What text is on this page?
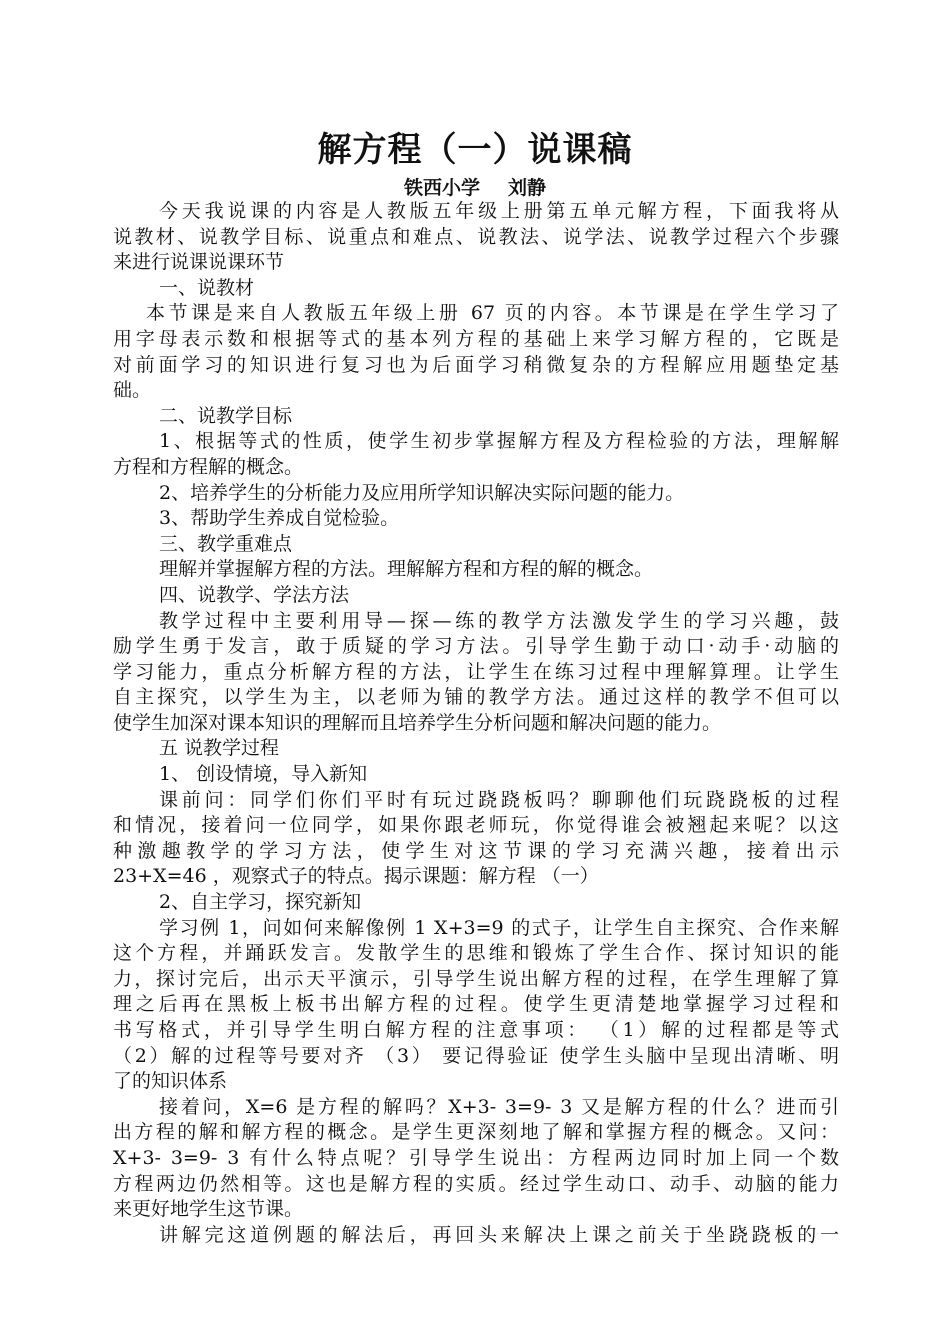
解方程（一）说课稿
铁西小学 刘静
今天我说课的内容是人教版五年级上册第五单元解方程，下面我将从
说教材、说教学目标、说重点和难点、说教法、说学法、说教学过程六个步骤
来进行说课说课环节
一、说教材
本节课是来自人教版五年级上册 67 页的内容。本节课是在学生学习了
用字母表示数和根据等式的基本列方程的基础上来学习解方程的，它既是
对前面学习的知识进行复习也为后面学习稍微复杂的方程解应用题垫定基
础。
二、说教学目标
1、根据等式的性质，使学生初步掌握解方程及方程检验的方法，理解解
方程和方程解的概念。
2、培养学生的分析能力及应用所学知识解决实际问题的能力。
3、帮助学生养成自觉检验。
三、教学重难点
理解并掌握解方程的方法。理解解方程和方程的解的概念。
四、说教学、学法方法
教学过程中主要利用导—探—练的教学方法激发学生的学习兴趣，鼓
励学生勇于发言，敢于质疑的学习方法。引导学生勤于动口·动手·动脑的
学习能力，重点分析解方程的方法，让学生在练习过程中理解算理。让学生
自主探究，以学生为主，以老师为铺的教学方法。通过这样的教学不但可以
使学生加深对课本知识的理解而且培养学生分析问题和解决问题的能力。
五 说教学过程
1、 创设情境，导入新知
课前问：同学们你们平时有玩过跷跷板吗？聊聊他们玩跷跷板的过程
和情况，接着问一位同学，如果你跟老师玩，你觉得谁会被翘起来呢？以这
种激趣教学的学习方法，使学生对这节课的学习充满兴趣，接着出示
23+X=46 ，观察式子的特点。揭示课题：解方程 （一）
2、自主学习，探究新知
学习例 1，问如何来解像例 1 X+3=9 的式子，让学生自主探究、合作来解
这个方程，并踊跃发言。发散学生的思维和锻炼了学生合作、探讨知识的能
力，探讨完后，出示天平演示，引导学生说出解方程的过程，在学生理解了算
理之后再在黑板上板书出解方程的过程。使学生更清楚地掌握学习过程和
书写格式，并引导学生明白解方程的注意事项： （1）解的过程都是等式
（2）解的过程等号要对齐 （3） 要记得验证 使学生头脑中呈现出清晰、明
了的知识体系
接着问，X=6 是方程的解吗？X+3- 3=9- 3 又是解方程的什么？进而引
出方程的解和解方程的概念。是学生更深刻地了解和掌握方程的概念。又问：
X+3- 3=9- 3 有什么特点呢？引导学生说出：方程两边同时加上同一个数
方程两边仍然相等。这也是解方程的实质。经过学生动口、动手、动脑的能力
来更好地学生这节课。
讲解完这道例题的解法后，再回头来解决上课之前关于坐跷跷板的一
